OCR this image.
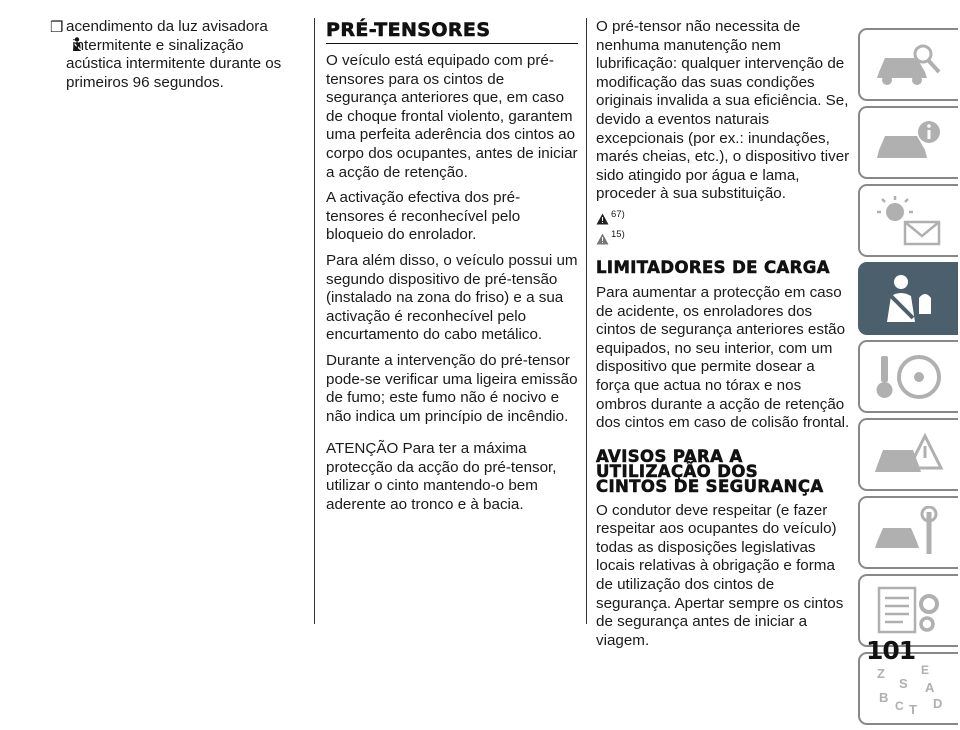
❒ acendimento da luz avisadora
intermitente e sinalização acústica intermitente durante os primeiros 96 segundos.

PRÉ-TENSORES

O veículo está equipado com pré-tensores para os cintos de segurança anteriores que, em caso de choque frontal violento, garantem uma perfeita aderência dos cintos ao corpo dos ocupantes, antes de iniciar a acção de retenção.

A activação efectiva dos pré-tensores é reconhecível pelo bloqueio do enrolador.

Para além disso, o veículo possui um segundo dispositivo de pré-tensão (instalado na zona do friso) e a sua activação é reconhecível pelo encurtamento do cabo metálico.

Durante a intervenção do pré-tensor pode-se verificar uma ligeira emissão de fumo; este fumo não é nocivo e não indica um princípio de incêndio.

ATENÇÃO Para ter a máxima protecção da acção do pré-tensor, utilizar o cinto mantendo-o bem aderente ao tronco e à bacia.

O pré-tensor não necessita de nenhuma manutenção nem lubrificação: qualquer intervenção de modificação das suas condições originais invalida a sua eficiência. Se, devido a eventos naturais excepcionais (por ex.: inundações, marés cheias, etc.), o dispositivo tiver sido atingido por água e lama, proceder à sua substituição.

67)
15)
LIMITADORES DE CARGA

Para aumentar a protecção em caso de acidente, os enroladores dos cintos de segurança anteriores estão equipados, no seu interior, com um dispositivo que permite dosear a força que actua no tórax e nos ombros durante a acção de retenção dos cintos em caso de colisão frontal.

AVISOS PARA A
UTILIZAÇÃO DOS
CINTOS DE SEGURANÇA

O condutor deve respeitar (e fazer respeitar aos ocupantes do veículo) todas as disposições legislativas locais relativas à obrigação e forma de utilização dos cintos de segurança. Apertar sempre os cintos de segurança antes de iniciar a viagem.

Z	E
S A
B
C T D
101
